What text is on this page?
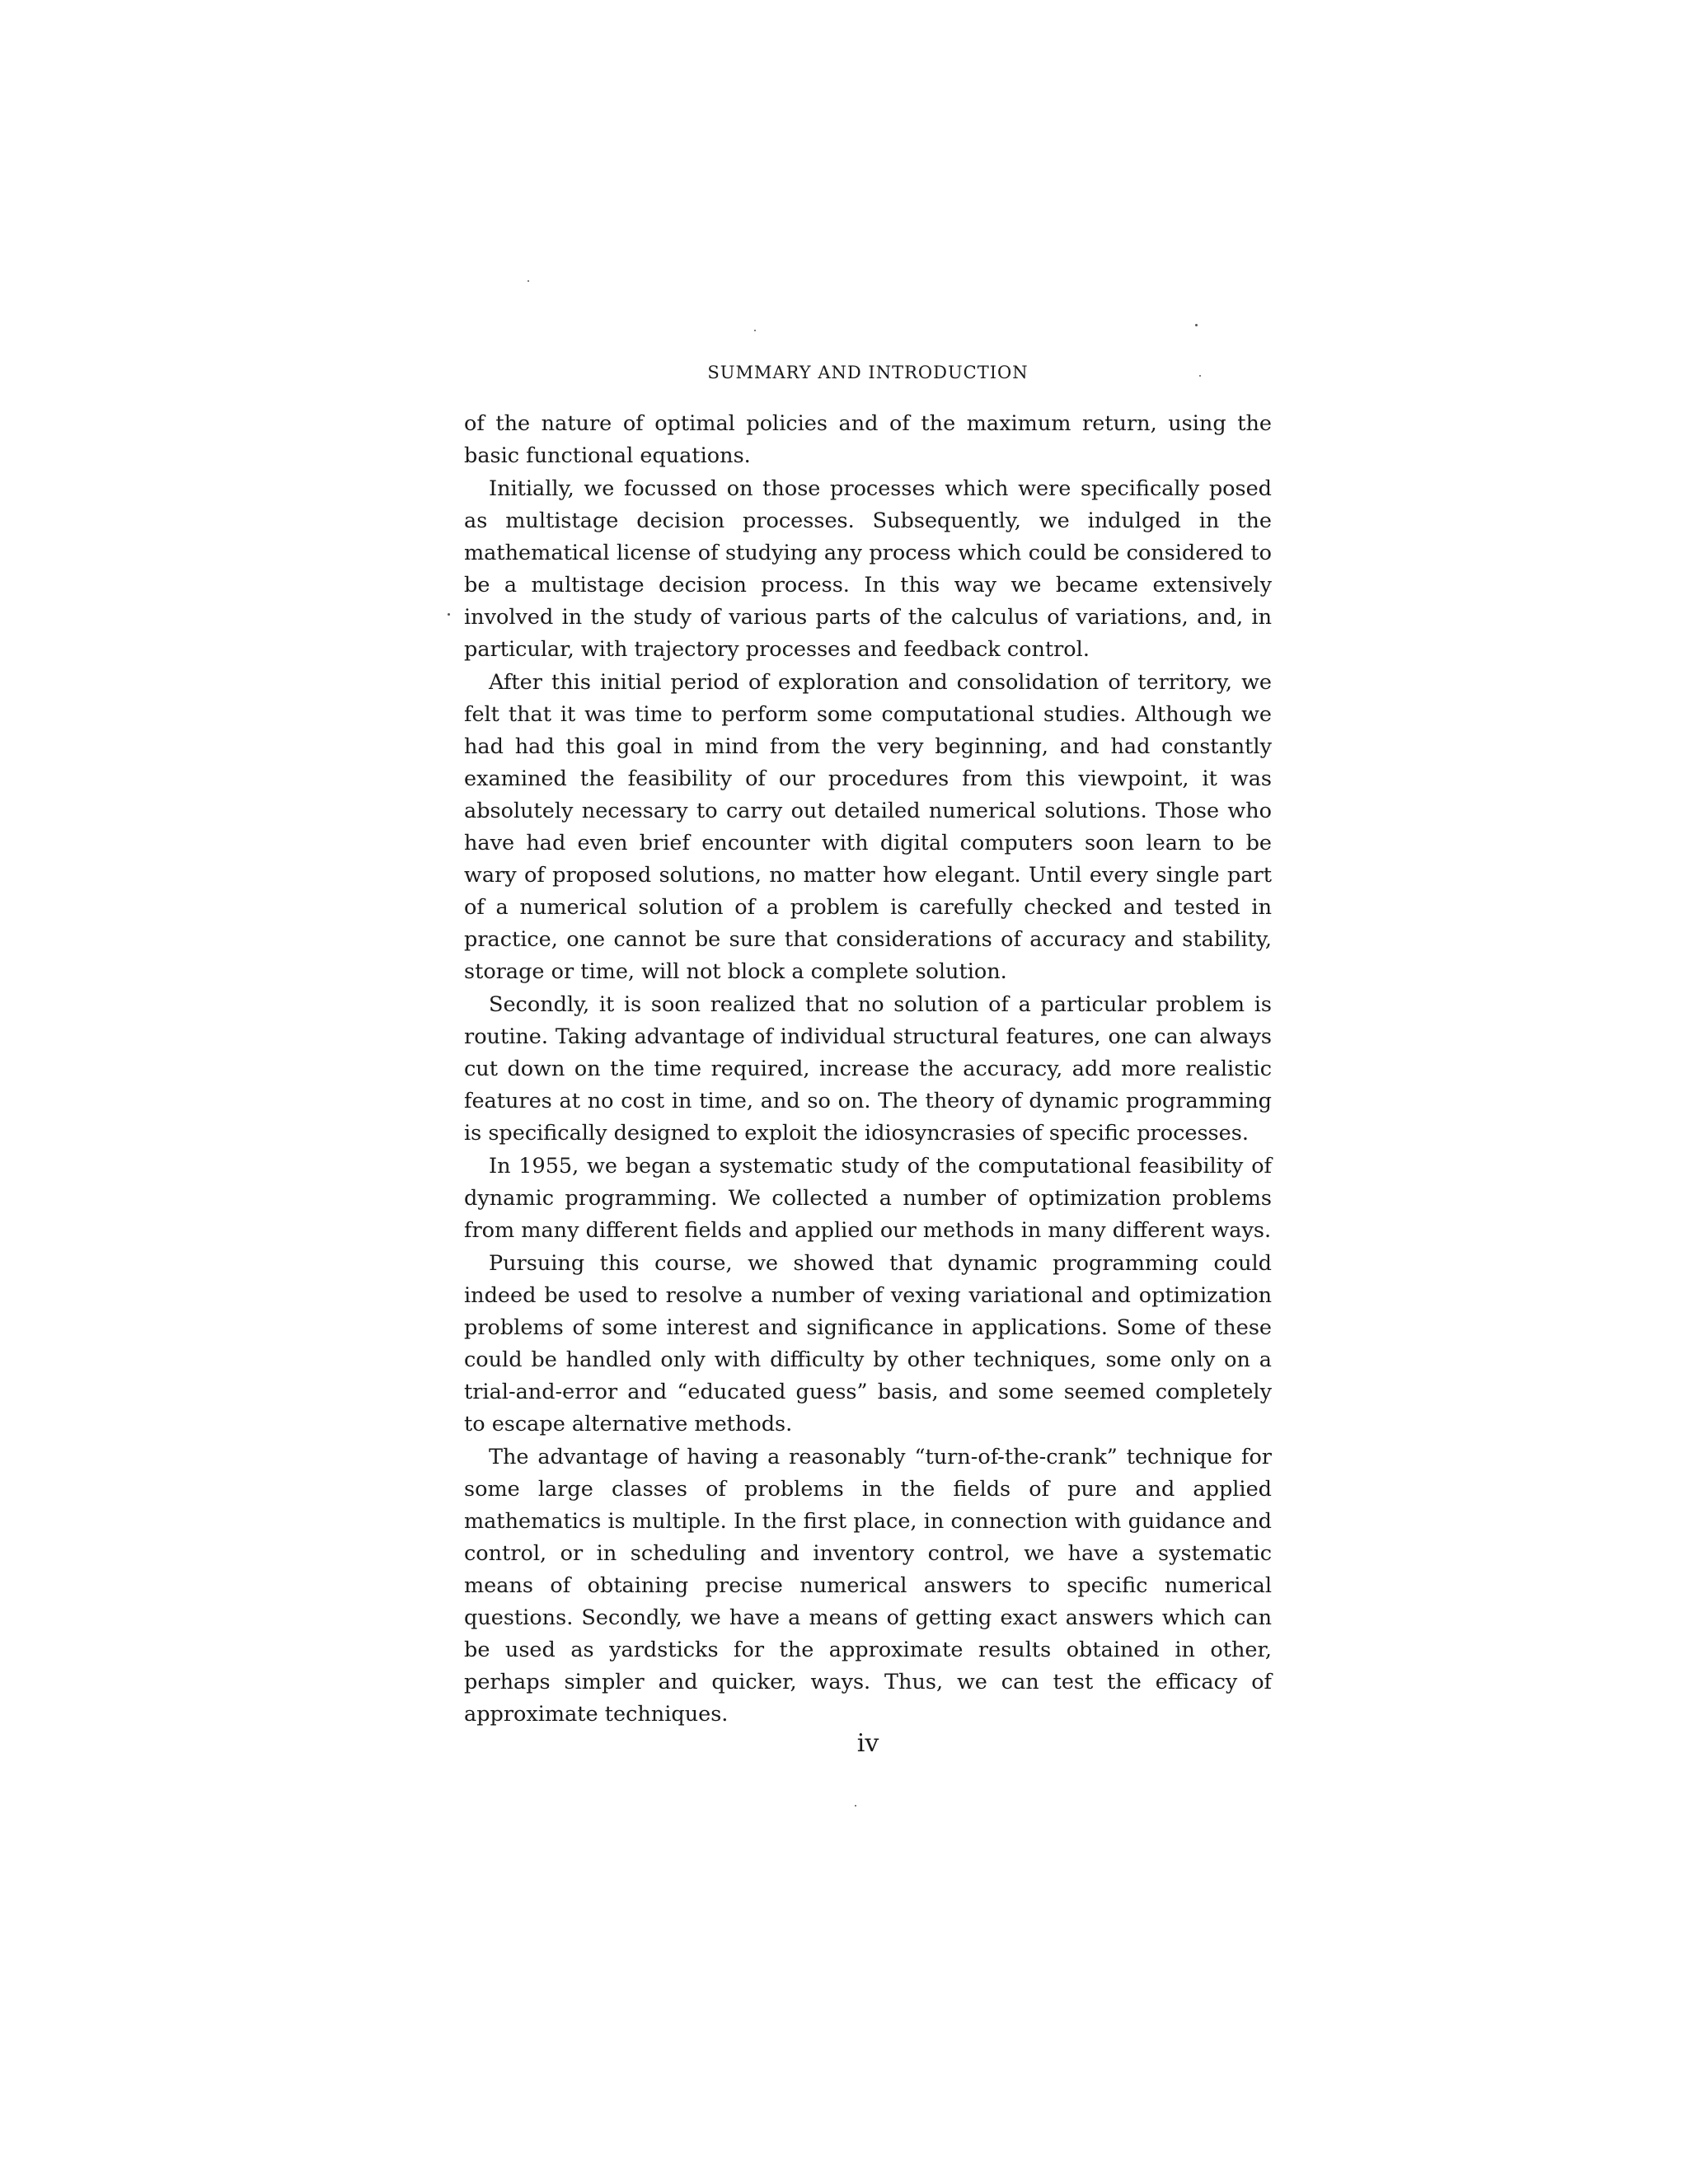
SUMMARY AND INTRODUCTION

of the nature of optimal policies and of the maximum return, using the basic functional equations.

Initially, we focussed on those processes which were specifically posed as multistage decision processes. Subsequently, we indulged in the mathematical license of studying any process which could be considered to be a multistage decision process. In this way we became extensively involved in the study of various parts of the calculus of variations, and, in particular, with trajectory processes and feedback control.

After this initial period of exploration and consolidation of territory, we felt that it was time to perform some computational studies. Although we had had this goal in mind from the very beginning, and had constantly examined the feasibility of our procedures from this viewpoint, it was absolutely necessary to carry out detailed numerical solutions. Those who have had even brief encounter with digital computers soon learn to be wary of proposed solutions, no matter how elegant. Until every single part of a numerical solution of a problem is carefully checked and tested in practice, one cannot be sure that considerations of accuracy and stability, storage or time, will not block a complete solution.

Secondly, it is soon realized that no solution of a particular problem is routine. Taking advantage of individual structural features, one can always cut down on the time required, increase the accuracy, add more realistic features at no cost in time, and so on. The theory of dynamic programming is specifically designed to exploit the idiosyncrasies of specific processes.

In 1955, we began a systematic study of the computational feasibility of dynamic programming. We collected a number of optimization problems from many different fields and applied our methods in many different ways.

Pursuing this course, we showed that dynamic programming could indeed be used to resolve a number of vexing variational and optimization problems of some interest and significance in applications. Some of these could be handled only with difficulty by other techniques, some only on a trial-and-error and “educated guess” basis, and some seemed completely to escape alternative methods.

The advantage of having a reasonably “turn-of-the-crank” technique for some large classes of problems in the fields of pure and applied mathematics is multiple. In the first place, in connection with guidance and control, or in scheduling and inventory control, we have a systematic means of obtaining precise numerical answers to specific numerical questions. Secondly, we have a means of getting exact answers which can be used as yardsticks for the approximate results obtained in other, perhaps simpler and quicker, ways. Thus, we can test the efficacy of approximate techniques.

iv
